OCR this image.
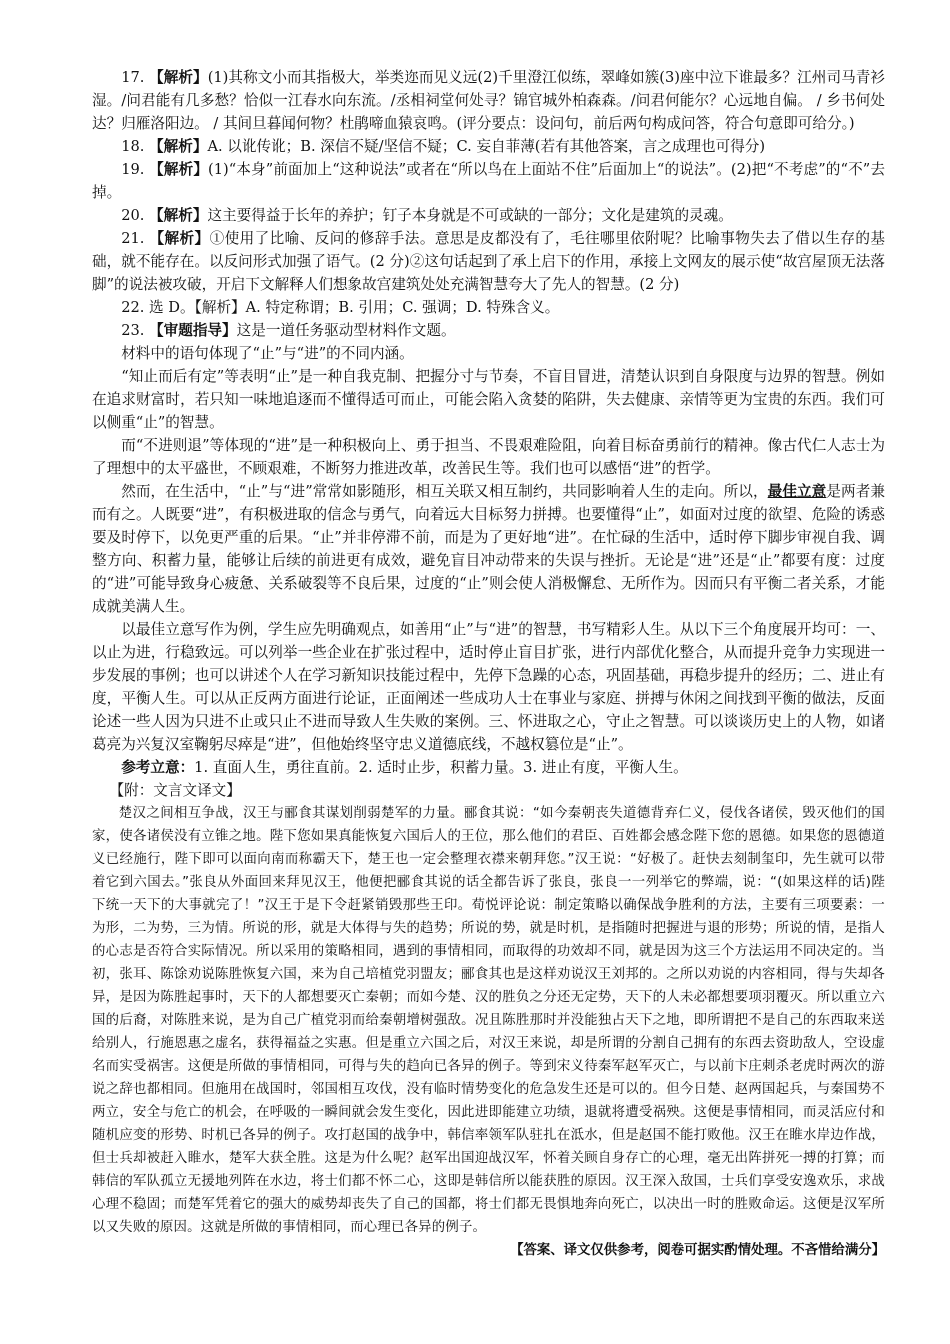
17. 【解析】(1)其称文小而其指极大，举类迩而见义远(2)千里澄江似练，翠峰如簇(3)座中泣下谁最多？江州司马青衫湿。/问君能有几多愁？恰似一江春水向东流。/丞相祠堂何处寻？锦官城外柏森森。/问君何能尔？心远地自偏。 / 乡书何处达？归雁洛阳边。 / 其间旦暮闻何物？杜鹃啼血猿哀鸣。(评分要点：设问句，前后两句构成问答，符合句意即可给分。)

18. 【解析】A. 以讹传讹；B. 深信不疑/坚信不疑；C. 妄自菲薄(若有其他答案，言之成理也可得分)

19. 【解析】(1)“本身”前面加上“这种说法”或者在“所以鸟在上面站不住”后面加上“的说法”。(2)把“不考虑”的“不”去掉。

20. 【解析】这主要得益于长年的养护；钉子本身就是不可或缺的一部分；文化是建筑的灵魂。

21. 【解析】①使用了比喻、反问的修辞手法。意思是皮都没有了，毛往哪里依附呢？比喻事物失去了借以生存的基础，就不能存在。以反问形式加强了语气。(2 分)②这句话起到了承上启下的作用，承接上文网友的展示使“故宫屋顶无法落脚”的说法被攻破，开启下文解释人们想象故宫建筑处处充满智慧夸大了先人的智慧。(2 分)

22. 选 D。【解析】A. 特定称谓；B. 引用；C. 强调；D. 特殊含义。

23. 【审题指导】这是一道任务驱动型材料作文题。

材料中的语句体现了“止”与“进”的不同内涵。

“知止而后有定”等表明“止”是一种自我克制、把握分寸与节奏，不盲目冒进，清楚认识到自身限度与边界的智慧。例如在追求财富时，若只知一味地追逐而不懂得适可而止，可能会陷入贪婪的陷阱，失去健康、亲情等更为宝贵的东西。我们可以侧重“止”的智慧。

而“不进则退”等体现的“进”是一种积极向上、勇于担当、不畏艰难险阻，向着目标奋勇前行的精神。像古代仁人志士为了理想中的太平盛世，不顾艰难，不断努力推进改革，改善民生等。我们也可以感悟“进”的哲学。

然而，在生活中，“止”与“进”常常如影随形，相互关联又相互制约，共同影响着人生的走向。所以，最佳立意是两者兼而有之。人既要“进”，有积极进取的信念与勇气，向着远大目标努力拼搏。也要懂得“止”，如面对过度的欲望、危险的诱惑要及时停下，以免更严重的后果。“止”并非停滞不前，而是为了更好地“进”。在忙碌的生活中，适时停下脚步审视自我、调整方向、积蓄力量，能够让后续的前进更有成效，避免盲目冲动带来的失误与挫折。无论是“进”还是“止”都要有度：过度的“进”可能导致身心疲惫、关系破裂等不良后果，过度的“止”则会使人消极懈怠、无所作为。因而只有平衡二者关系，才能成就美满人生。

以最佳立意写作为例，学生应先明确观点，如善用“止”与“进”的智慧，书写精彩人生。从以下三个角度展开均可：一、以止为进，行稳致远。可以列举一些企业在扩张过程中，适时停止盲目扩张，进行内部优化整合，从而提升竞争力实现进一步发展的事例；也可以讲述个人在学习新知识技能过程中，先停下急躁的心态，巩固基础，再稳步提升的经历；二、进止有度，平衡人生。可以从正反两方面进行论证，正面阐述一些成功人士在事业与家庭、拼搏与休闲之间找到平衡的做法，反面论述一些人因为只进不止或只止不进而导致人生失败的案例。三、怀进取之心，守止之智慧。可以谈谈历史上的人物，如诸葛亮为兴复汉室鞠躬尽瘁是“进”，但他始终坚守忠义道德底线，不越权篡位是“止”。

参考立意：1. 直面人生，勇往直前。2. 适时止步，积蓄力量。3. 进止有度，平衡人生。

【附：文言文译文】

楚汉之间相互争战，汉王与郦食其谋划削弱楚军的力量。郦食其说：“如今秦朝丧失道德背弃仁义，侵伐各诸侯，毁灭他们的国家，使各诸侯没有立锥之地。陛下您如果真能恢复六国后人的王位，那么他们的君臣、百姓都会感念陛下您的恩德。如果您的恩德道义已经施行，陛下即可以面向南而称霸天下，楚王也一定会整理衣襟来朝拜您。”汉王说：“好极了。赶快去刻制玺印，先生就可以带着它到六国去。”张良从外面回来拜见汉王，他便把郦食其说的话全都告诉了张良，张良一一列举它的弊端，说：“(如果这样的话)陛下统一天下的大事就完了！”汉王于是下令赶紧销毁那些王印。荀悦评论说：制定策略以确保战争胜利的方法，主要有三项要素：一为形，二为势，三为情。所说的形，就是大体得与失的趋势；所说的势，就是时机，是指随时把握进与退的形势；所说的情，是指人的心志是否符合实际情况。所以采用的策略相同，遇到的事情相同，而取得的功效却不同，就是因为这三个方法运用不同决定的。当初，张耳、陈馀劝说陈胜恢复六国，来为自己培植党羽盟友；郦食其也是这样劝说汉王刘邦的。之所以劝说的内容相同，得与失却各异，是因为陈胜起事时，天下的人都想要灭亡秦朝；而如今楚、汉的胜负之分还无定势，天下的人未必都想要项羽覆灭。所以重立六国的后裔，对陈胜来说，是为自己广植党羽而给秦朝增树强敌。况且陈胜那时并没能独占天下之地，即所谓把不是自己的东西取来送给别人，行施恩惠之虚名，获得福益之实惠。但是重立六国之后，对汉王来说，却是所谓的分割自己拥有的东西去资助敌人，空设虚名而实受祸害。这便是所做的事情相同，可得与失的趋向已各异的例子。等到宋义待秦军赵军灭亡，与以前卞庄刺杀老虎时两次的游说之辞也都相同。但施用在战国时，邻国相互攻伐，没有临时情势变化的危急发生还是可以的。但今日楚、赵两国起兵，与秦国势不两立，安全与危亡的机会，在呼吸的一瞬间就会发生变化，因此进即能建立功绩，退就将遭受祸殃。这便是事情相同，而灵活应付和随机应变的形势、时机已各异的例子。攻打赵国的战争中，韩信率领军队驻扎在泜水，但是赵国不能打败他。汉王在睢水岸边作战，但士兵却被赶入睢水，楚军大获全胜。这是为什么呢？赵军出国迎战汉军，怀着关顾自身存亡的心理，毫无出阵拼死一搏的打算；而韩信的军队孤立无援地列阵在水边，将士们都不怀二心，这即是韩信所以能获胜的原因。汉王深入敌国，士兵们享受安逸欢乐，求战心理不稳固；而楚军凭着它的强大的威势却丧失了自己的国都，将士们都无畏惧地奔向死亡，以决出一时的胜败命运。这便是汉军所以又失败的原因。这就是所做的事情相同，而心理已各异的例子。

【答案、译文仅供参考，阅卷可据实酌情处理。不吝惜给满分】
